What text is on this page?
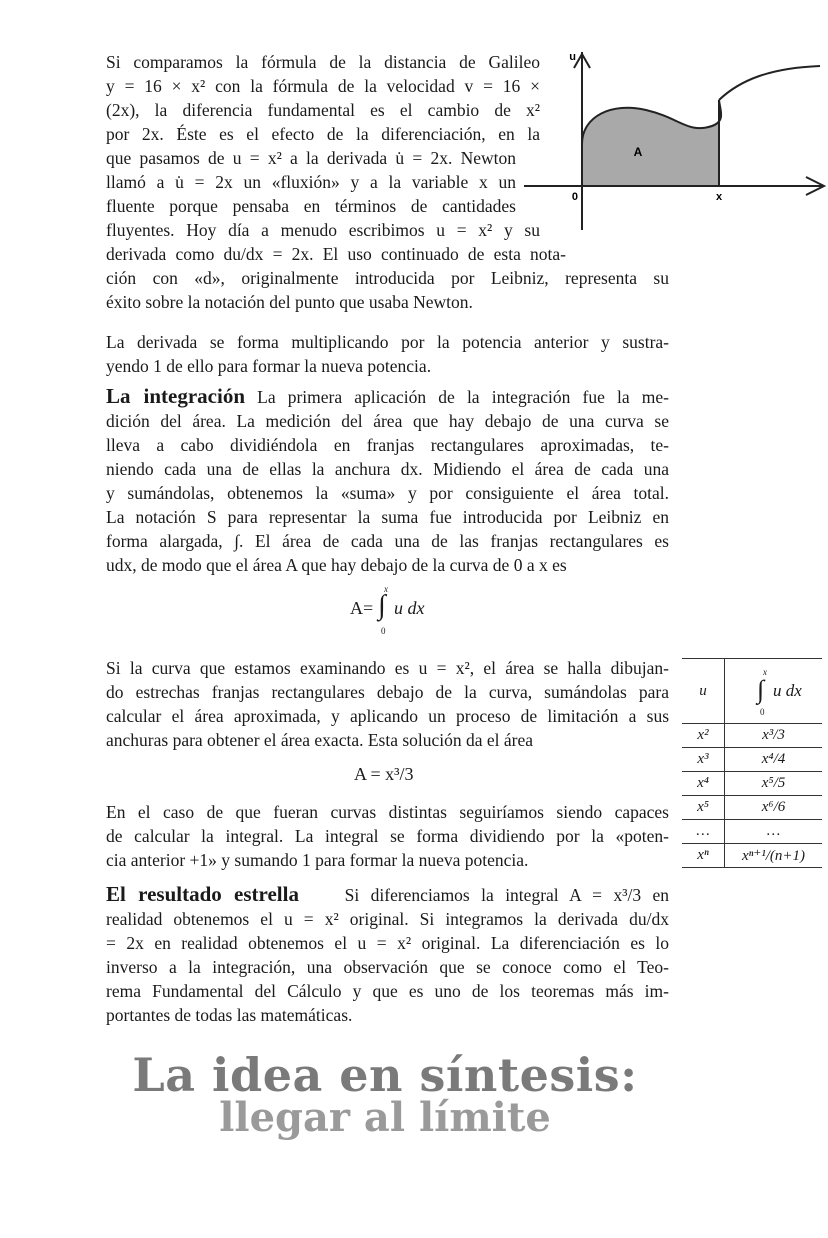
Si comparamos la fórmula de la distancia de Galileo
y = 16 × x² con la fórmula de la velocidad v = 16 ×
(2x), la diferencia fundamental es el cambio de x²
por 2x. Éste es el efecto de la diferenciación, en la
que pasamos de u = x² a la derivada u̇ = 2x. Newton
llamó a u̇ = 2x un «fluxión» y a la variable x un
fluente porque pensaba en términos de cantidades
fluyentes. Hoy día a menudo escribimos u = x² y su
derivada como du/dx = 2x. El uso continuado de esta nota-
ción con «d», originalmente introducida por Leibniz, representa su
éxito sobre la notación del punto que usaba Newton.
u
0	x
A
La derivada se forma multiplicando por la potencia anterior y sustra-
yendo 1 de ello para formar la nueva potencia.
La integración La primera aplicación de la integración fue la me-
dición del área. La medición del área que hay debajo de una curva se
lleva a cabo dividiéndola en franjas rectangulares aproximadas, te-
niendo cada una de ellas la anchura dx. Midiendo el área de cada una
y sumándolas, obtenemos la «suma» y por consiguiente el área total.
La notación S para representar la suma fue introducida por Leibniz en
forma alargada, ∫. El área de cada una de las franjas rectangulares es
udx, de modo que el área A que hay debajo de la curva de 0 a x es
A=
x
∫
0
u dx
Si la curva que estamos examinando es u = x², el área se halla dibujan-
do estrechas franjas rectangulares debajo de la curva, sumándolas para
calcular el área aproximada, y aplicando un proceso de limitación a sus
anchuras para obtener el área exacta. Esta solución da el área
A = x³/3
En el caso de que fueran curvas distintas seguiríamos siendo capaces
de calcular la integral. La integral se forma dividiendo por la «poten-
cia anterior +1» y sumando 1 para formar la nueva potencia.
u	x
∫
0
u dx

x²	x³/3
x³	x⁴/4
x⁴	x⁵/5
x⁵	x⁶/6
…	…
xⁿ	xⁿ⁺¹/(n+1)
El resultado estrella    Si diferenciamos la integral A = x³/3 en
realidad obtenemos el u = x² original. Si integramos la derivada du/dx
= 2x en realidad obtenemos el u = x² original. La diferenciación es lo
inverso a la integración, una observación que se conoce como el Teo-
rema Fundamental del Cálculo y que es uno de los teoremas más im-
portantes de todas las matemáticas.
La idea en síntesis:
llegar al límite
